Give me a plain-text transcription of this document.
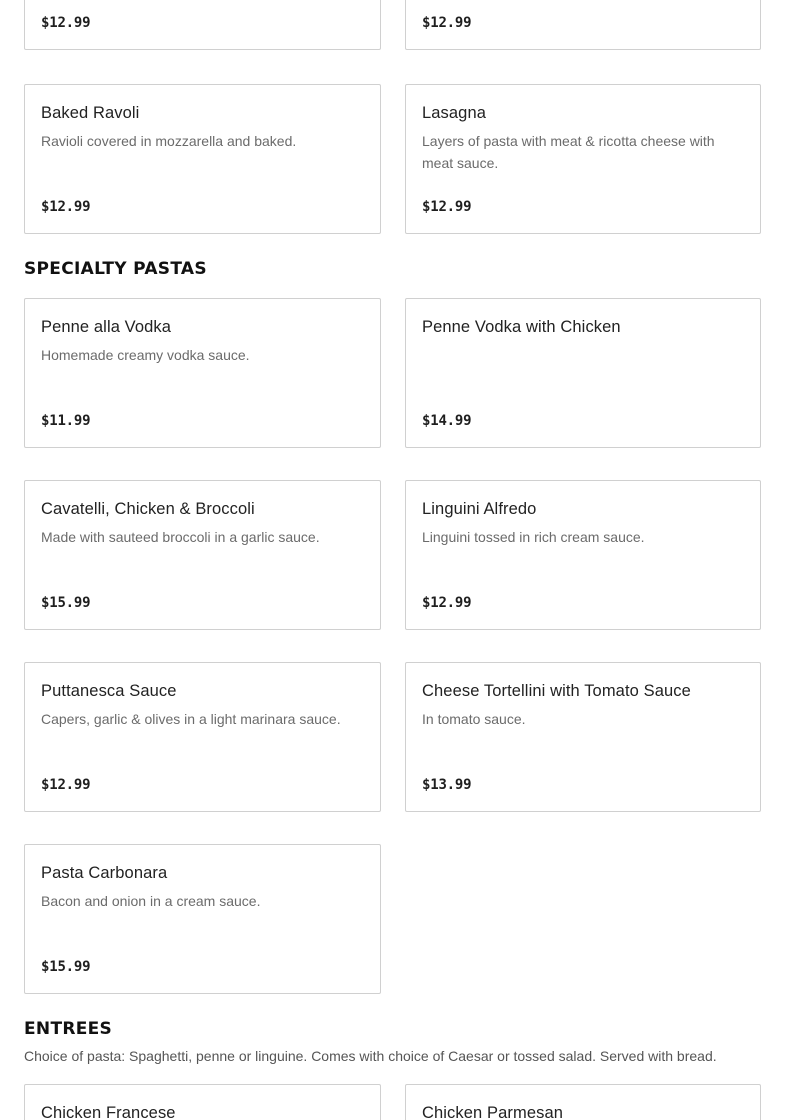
$12.99	$12.99
Baked Ravoli
Ravioli covered in mozzarella and baked.
$12.99
Lasagna
Layers of pasta with meat & ricotta cheese with meat sauce.
$12.99
SPECIALTY PASTAS
Penne alla Vodka
Homemade creamy vodka sauce.
$11.99
Penne Vodka with Chicken
$14.99
Cavatelli, Chicken & Broccoli
Made with sauteed broccoli in a garlic sauce.
$15.99
Linguini Alfredo
Linguini tossed in rich cream sauce.
$12.99
Puttanesca Sauce
Capers, garlic & olives in a light marinara sauce.
$12.99
Cheese Tortellini with Tomato Sauce
In tomato sauce.
$13.99
Pasta Carbonara
Bacon and onion in a cream sauce.
$15.99
ENTREES

Choice of pasta: Spaghetti, penne or linguine. Comes with choice of Caesar or tossed salad. Served with bread.

Chicken Francese	Chicken Parmesan
